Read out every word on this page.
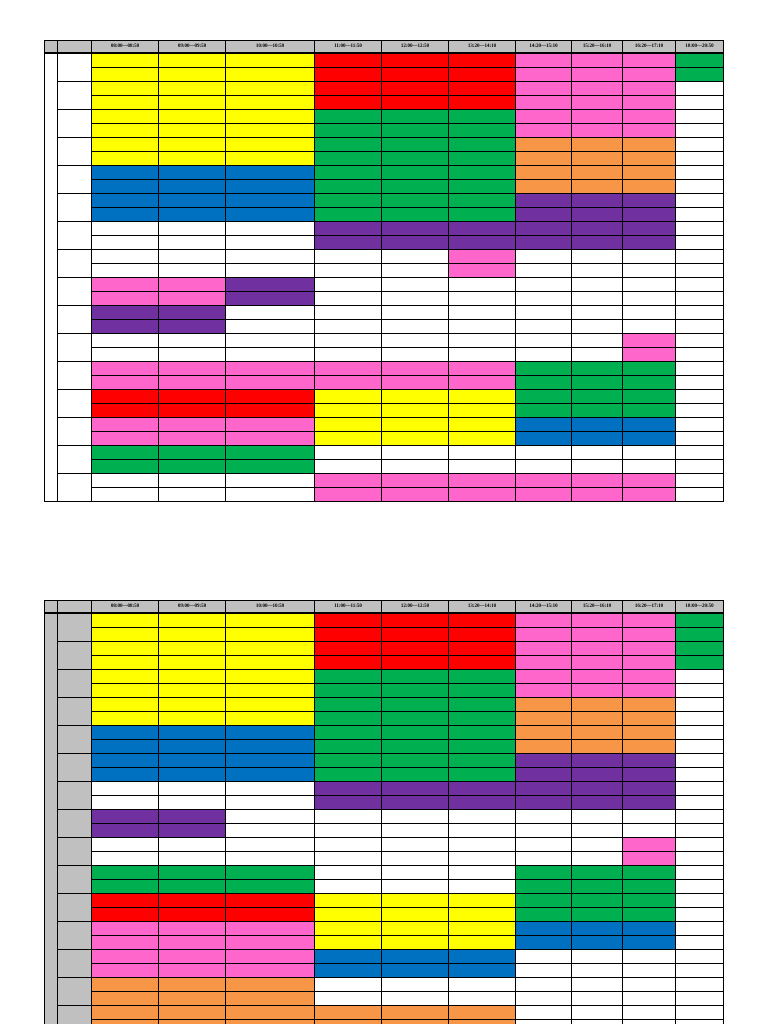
08:00—08:50	09:00—09:50	10:00—10:50	11:00—11:50	12:00—12:50	13:20—14:10	14:20—15:10	15:20—16:10	16:20—17:10	18:00—20:50
08:00—08:50	09:00—09:50	10:00—10:50	11:00—11:50	12:00—12:50	13:20—14:10	14:20—15:10	15:20—16:10	16:20—17:10	18:00—20:50
